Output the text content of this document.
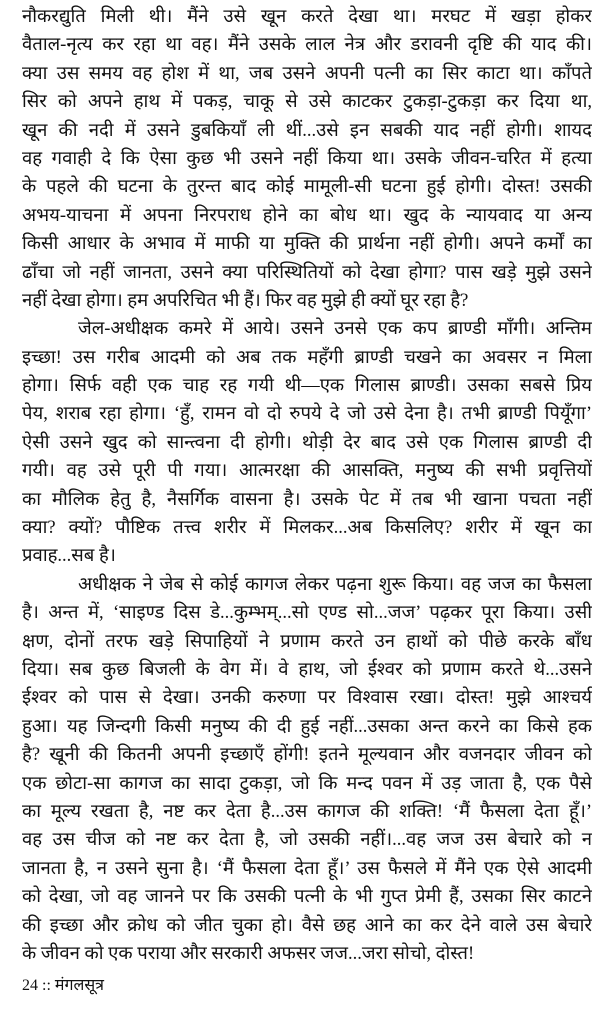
नौकरद्युति मिली थी। मैंने उसे खून करते देखा था। मरघट में खड़ा होकर
वैताल-नृत्य कर रहा था वह। मैंने उसके लाल नेत्र और डरावनी दृष्टि की याद की।
क्या उस समय वह होश में था, जब उसने अपनी पत्नी का सिर काटा था। काँपते
सिर को अपने हाथ में पकड़, चाकू से उसे काटकर टुकड़ा-टुकड़ा कर दिया था,
खून की नदी में उसने डुबकियाँ ली थीं...उसे इन सबकी याद नहीं होगी। शायद
वह गवाही दे कि ऐसा कुछ भी उसने नहीं किया था। उसके जीवन-चरित में हत्या
के पहले की घटना के तुरन्त बाद कोई मामूली-सी घटना हुई होगी। दोस्त! उसकी
अभय-याचना में अपना निरपराध होने का बोध था। खुद के न्यायवाद या अन्य
किसी आधार के अभाव में माफी या मुक्ति की प्रार्थना नहीं होगी। अपने कर्मों का
ढाँचा जो नहीं जानता, उसने क्या परिस्थितियों को देखा होगा? पास खड़े मुझे उसने
नहीं देखा होगा। हम अपरिचित भी हैं। फिर वह मुझे ही क्यों घूर रहा है?
जेल-अधीक्षक कमरे में आये। उसने उनसे एक कप ब्राण्डी माँगी। अन्तिम
इच्छा! उस गरीब आदमी को अब तक महँगी ब्राण्डी चखने का अवसर न मिला
होगा। सिर्फ वही एक चाह रह गयी थी—एक गिलास ब्राण्डी। उसका सबसे प्रिय
पेय, शराब रहा होगा। ‘हुँ, रामन वो दो रुपये दे जो उसे देना है। तभी ब्राण्डी पियूँगा’
ऐसी उसने खुद को सान्त्वना दी होगी। थोड़ी देर बाद उसे एक गिलास ब्राण्डी दी
गयी। वह उसे पूरी पी गया। आत्मरक्षा की आसक्ति, मनुष्य की सभी प्रवृत्तियों
का मौलिक हेतु है, नैसर्गिक वासना है। उसके पेट में तब भी खाना पचता नहीं
क्या? क्यों? पौष्टिक तत्त्व शरीर में मिलकर...अब किसलिए? शरीर में खून का
प्रवाह...सब है।
अधीक्षक ने जेब से कोई कागज लेकर पढ़ना शुरू किया। वह जज का फैसला
है। अन्त में, ‘साइण्ड दिस डे...कुम्भम्...सो एण्ड सो...जज’ पढ़कर पूरा किया। उसी
क्षण, दोनों तरफ खड़े सिपाहियों ने प्रणाम करते उन हाथों को पीछे करके बाँध
दिया। सब कुछ बिजली के वेग में। वे हाथ, जो ईश्वर को प्रणाम करते थे...उसने
ईश्वर को पास से देखा। उनकी करुणा पर विश्वास रखा। दोस्त! मुझे आश्चर्य
हुआ। यह जिन्दगी किसी मनुष्य की दी हुई नहीं...उसका अन्त करने का किसे हक
है? खूनी की कितनी अपनी इच्छाएँ होंगी! इतने मूल्यवान और वजनदार जीवन को
एक छोटा-सा कागज का सादा टुकड़ा, जो कि मन्द पवन में उड़ जाता है, एक पैसे
का मूल्य रखता है, नष्ट कर देता है...उस कागज की शक्ति! ‘मैं फैसला देता हूँ।’
वह उस चीज को नष्ट कर देता है, जो उसकी नहीं।...वह जज उस बेचारे को न
जानता है, न उसने सुना है। ‘मैं फैसला देता हूँ।’ उस फैसले में मैंने एक ऐसे आदमी
को देखा, जो वह जानने पर कि उसकी पत्नी के भी गुप्त प्रेमी हैं, उसका सिर काटने
की इच्छा और क्रोध को जीत चुका हो। वैसे छह आने का कर देने वाले उस बेचारे
के जीवन को एक पराया और सरकारी अफसर जज...जरा सोचो, दोस्त!
24 :: मंगलसूत्र
